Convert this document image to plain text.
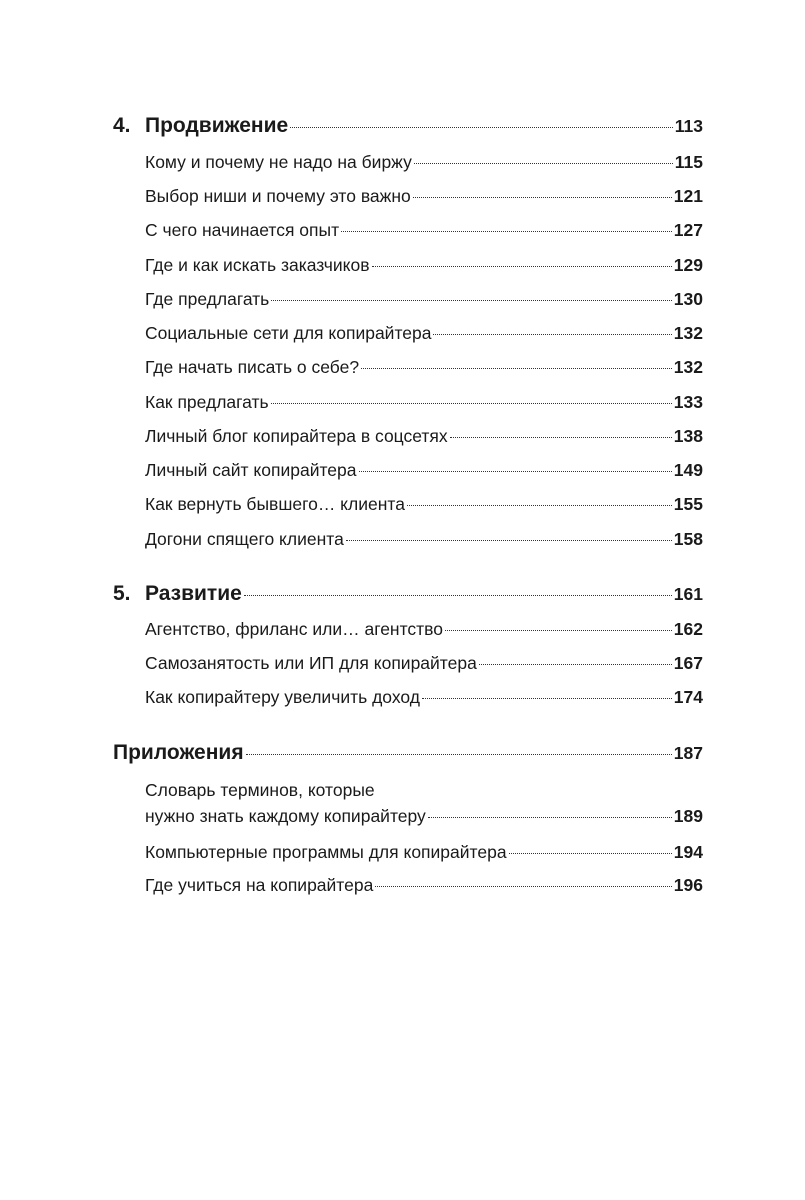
4. Продвижение	113
Кому и почему не надо на биржу	115
Выбор ниши и почему это важно	121
С чего начинается опыт	127
Где и как искать заказчиков	129
Где предлагать	130
Социальные сети для копирайтера	132
Где начать писать о себе?	132
Как предлагать	133
Личный блог копирайтера в соцсетях	138
Личный сайт копирайтера	149
Как вернуть бывшего… клиента	155
Догони спящего клиента	158
5. Развитие	161
Агентство, фриланс или… агентство	162
Самозанятость или ИП для копирайтера	167
Как копирайтеру увеличить доход	174
Приложения	187
Словарь терминов, которые
нужно знать каждому копирайтеру	189
Компьютерные программы для копирайтера	194
Где учиться на копирайтера	196
